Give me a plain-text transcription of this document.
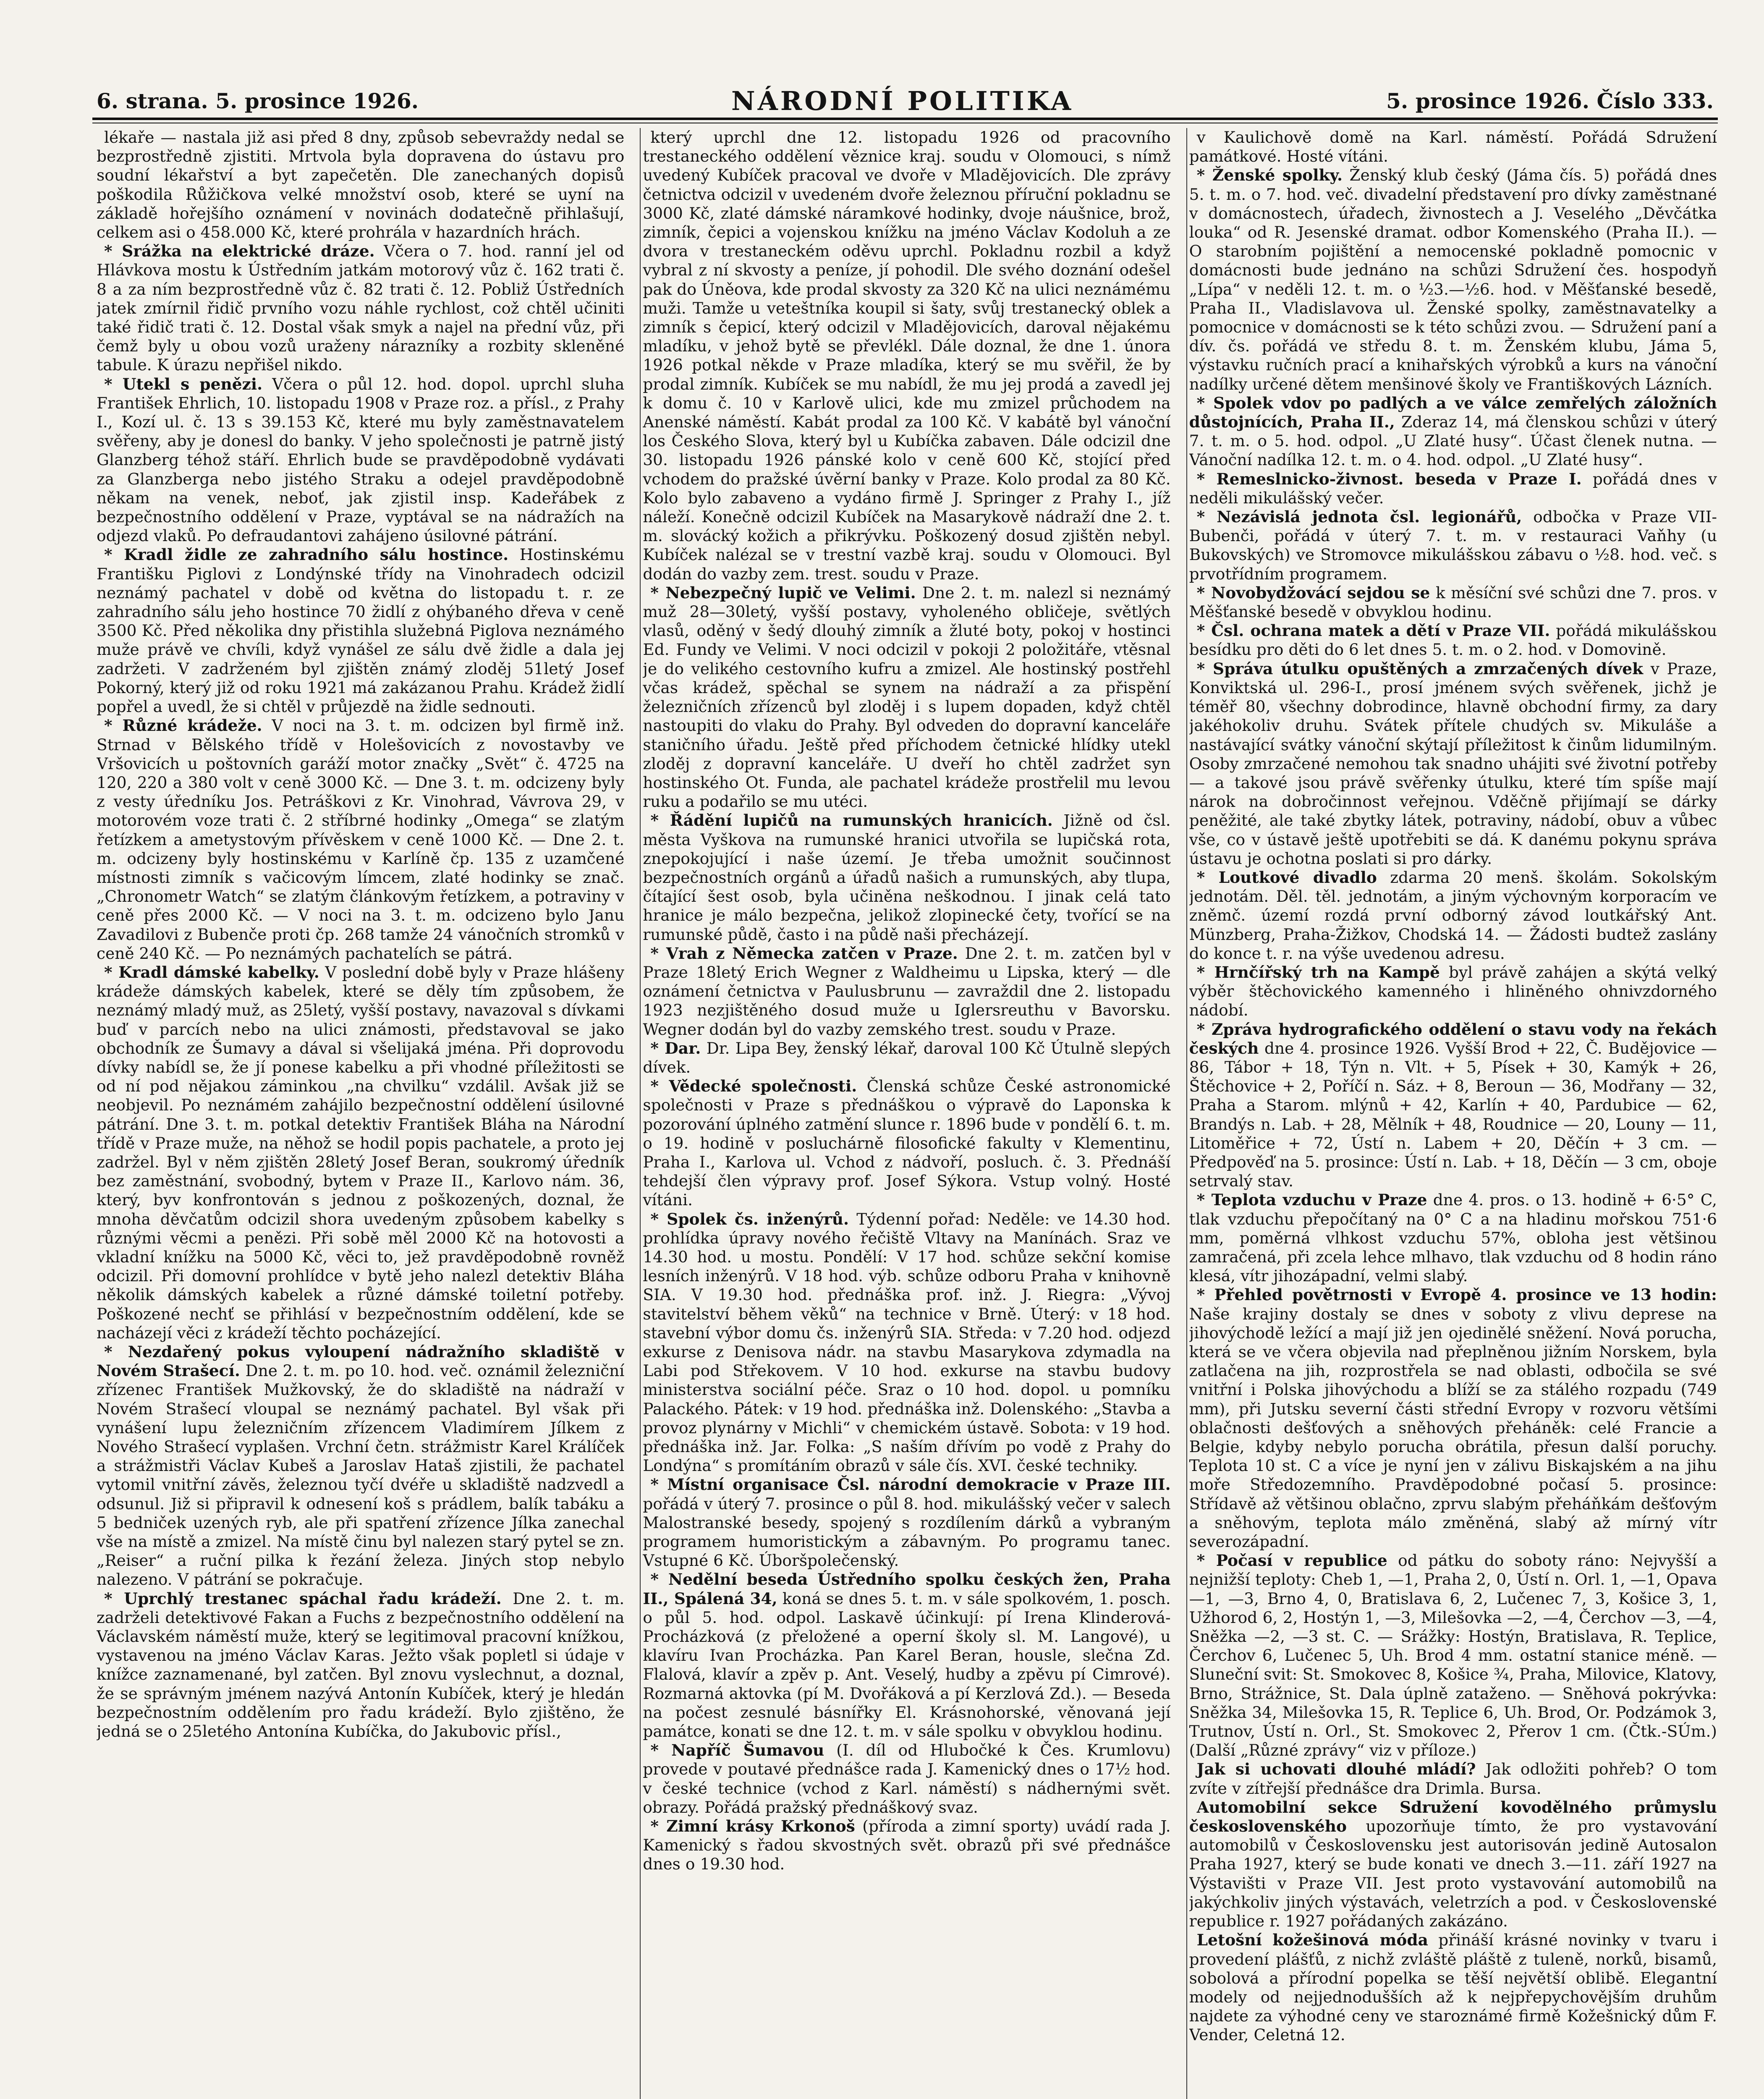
6. strana. 5. prosince 1926.	NÁRODNÍ POLITIKA	5. prosince 1926. Číslo 333.

lékaře — nastala již asi před 8 dny, způsob sebevraždy nedal se bezprostředně zjistiti. Mrtvola byla dopravena do ústavu pro soudní lékařství a byt zapečetěn. Dle zanechaných dopisů poškodila Růžičkova velké množství osob, které se uyní na základě hořejšího oznámení v novinách dodatečně přihlašují, celkem asi o 458.000 Kč, které prohrála v hazardních hrách.

* Srážka na elektrické dráze. Včera o 7. hod. ranní jel od Hlávkova mostu k Ústředním jatkám motorový vůz č. 162 trati č. 8 a za ním bezprostředně vůz č. 82 trati č. 12. Pobliž Ústředních jatek zmírnil řidič prvního vozu náhle rychlost, což chtěl učiniti také řidič trati č. 12. Dostal však smyk a najel na přední vůz, při čemž byly u obou vozů uraženy nárazníky a rozbity skleněné tabule. K úrazu nepřišel nikdo.

* Utekl s penězi. Včera o půl 12. hod. dopol. uprchl sluha František Ehrlich, 10. listopadu 1908 v Praze roz. a přísl., z Prahy I., Kozí ul. č. 13 s 39.153 Kč, které mu byly zaměstnavatelem svěřeny, aby je donesl do banky. V jeho společnosti je patrně jistý Glanzberg téhož stáří. Ehrlich bude se pravděpodobně vydávati za Glanzberga nebo jistého Straku a odejel pravděpodobně někam na venek, neboť, jak zjistil insp. Kadeřábek z bezpečnostního oddělení v Praze, vyptával se na nádražích na odjezd vlaků. Po defraudantovi zahájeno úsilovné pátrání.

* Kradl židle ze zahradního sálu hostince. Hostinskému Františku Piglovi z Londýnské třídy na Vinohradech odcizil neznámý pachatel v době od května do listopadu t. r. ze zahradního sálu jeho hostince 70 židlí z ohýbaného dřeva v ceně 3500 Kč. Před několika dny přistihla služebná Piglova neznámého muže právě ve chvíli, když vynášel ze sálu dvě židle a dala jej zadržeti. V zadrženém byl zjištěn známý zloděj 51letý Josef Pokorný, který již od roku 1921 má zakázanou Prahu. Krádež židlí popřel a uvedl, že si chtěl v průjezdě na židle sednouti.

* Různé krádeže. V noci na 3. t. m. odcizen byl firmě inž. Strnad v Bělského třídě v Holešovicích z novostavby ve Vršovicích u poštovních garáží motor značky „Svět“ č. 4725 na 120, 220 a 380 volt v ceně 3000 Kč. — Dne 3. t. m. odcizeny byly z vesty úředníku Jos. Petráškovi z Kr. Vinohrad, Vávrova 29, v motorovém voze trati č. 2 stříbrné hodinky „Omega“ se zlatým řetízkem a ametystovým přívěskem v ceně 1000 Kč. — Dne 2. t. m. odcizeny byly hostinskému v Karlíně čp. 135 z uzamčené místnosti zimník s vačicovým límcem, zlaté hodinky se znač. „Chronometr Watch“ se zlatým článkovým řetízkem, a potraviny v ceně přes 2000 Kč. — V noci na 3. t. m. odcizeno bylo Janu Zavadilovi z Bubenče proti čp. 268 tamže 24 vánočních stromků v ceně 240 Kč. — Po neznámých pachatelích se pátrá.

* Kradl dámské kabelky. V poslední době byly v Praze hlášeny krádeže dámských kabelek, které se děly tím způsobem, že neznámý mladý muž, as 25letý, vyšší postavy, navazoval s dívkami buď v parcích nebo na ulici známosti, představoval se jako obchodník ze Šumavy a dával si všelijaká jména. Při doprovodu dívky nabídl se, že jí ponese kabelku a při vhodné příležitosti se od ní pod nějakou záminkou „na chvilku“ vzdálil. Avšak již se neobjevil. Po neznámém zahájilo bezpečnostní oddělení úsilovné pátrání. Dne 3. t. m. potkal detektiv František Bláha na Národní třídě v Praze muže, na něhož se hodil popis pachatele, a proto jej zadržel. Byl v něm zjištěn 28letý Josef Beran, soukromý úředník bez zaměstnání, svobodný, bytem v Praze II., Karlovo nám. 36, který, byv konfrontován s jednou z poškozených, doznal, že mnoha děvčatům odcizil shora uvedeným způsobem kabelky s různými věcmi a penězi. Při sobě měl 2000 Kč na hotovosti a vkladní knížku na 5000 Kč, věci to, jež pravděpodobně rovněž odcizil. Při domovní prohlídce v bytě jeho nalezl detektiv Bláha několik dámských kabelek a různé dámské toiletní potřeby. Poškozené nechť se přihlásí v bezpečnostním oddělení, kde se nacházejí věci z krádeží těchto pocházející.

* Nezdařený pokus vyloupení nádražního skladiště v Novém Strašecí. Dne 2. t. m. po 10. hod. več. oznámil železniční zřízenec František Mužkovský, že do skladiště na nádraží v Novém Strašecí vloupal se neznámý pachatel. Byl však při vynášení lupu železničním zřízencem Vladimírem Jílkem z Nového Strašecí vyplašen. Vrchní četn. strážmistr Karel Králíček a strážmistři Václav Kubeš a Jaroslav Hataš zjistili, že pachatel vytomil vnitřní závěs, železnou tyčí dvéře u skladiště nadzvedl a odsunul. Již si připravil k odnesení koš s prádlem, balík tabáku a 5 bedniček uzených ryb, ale při spatření zřízence Jílka zanechal vše na místě a zmizel. Na místě činu byl nalezen starý pytel se zn. „Reiser“ a ruční pilka k řezání železa. Jiných stop nebylo nalezeno. V pátrání se pokračuje.

* Uprchlý trestanec spáchal řadu krádeží. Dne 2. t. m. zadrželi detektivové Fakan a Fuchs z bezpečnostního oddělení na Václavském náměstí muže, který se legitimoval pracovní knížkou, vystavenou na jméno Václav Karas. Ježto však popletl si údaje v knížce zaznamenané, byl zatčen. Byl znovu vyslechnut, a doznal, že se správným jménem nazývá Antonín Kubíček, který je hledán bezpečnostním oddělením pro řadu krádeží. Bylo zjištěno, že jedná se o 25letého Antonína Kubíčka, do Jakubovic přísl.,

který uprchl dne 12. listopadu 1926 od pracovního trestaneckého oddělení věznice kraj. soudu v Olomouci, s nímž uvedený Kubíček pracoval ve dvoře v Mladějovicích. Dle zprávy četnictva odcizil v uvedeném dvoře železnou příruční pokladnu se 3000 Kč, zlaté dámské náramkové hodinky, dvoje náušnice, brož, zimník, čepici a vojenskou knížku na jméno Václav Kodoluh a ze dvora v trestaneckém oděvu uprchl. Pokladnu rozbil a když vybral z ní skvosty a peníze, jí pohodil. Dle svého doznání odešel pak do Úněova, kde prodal skvosty za 320 Kč na ulici neznámému muži. Tamže u veteštníka koupil si šaty, svůj trestanecký oblek a zimník s čepicí, který odcizil v Mladějovicích, daroval nějakému mladíku, v jehož bytě se převlékl. Dále doznal, že dne 1. února 1926 potkal někde v Praze mladíka, který se mu svěřil, že by prodal zimník. Kubíček se mu nabídl, že mu jej prodá a zavedl jej k domu č. 10 v Karlově ulici, kde mu zmizel průchodem na Anenské náměstí. Kabát prodal za 100 Kč. V kabátě byl vánoční los Českého Slova, který byl u Kubíčka zabaven. Dále odcizil dne 30. listopadu 1926 pánské kolo v ceně 600 Kč, stojící před vchodem do pražské úvěrní banky v Praze. Kolo prodal za 80 Kč. Kolo bylo zabaveno a vydáno firmě J. Springer z Prahy I., jíž náleží. Konečně odcizil Kubíček na Masarykově nádraží dne 2. t. m. slovácký kožich a přikrývku. Poškozený dosud zjištěn nebyl. Kubíček nalézal se v trestní vazbě kraj. soudu v Olomouci. Byl dodán do vazby zem. trest. soudu v Praze.

* Nebezpečný lupič ve Velimi. Dne 2. t. m. nalezl si neznámý muž 28—30letý, vyšší postavy, vyholeného obličeje, světlých vlasů, oděný v šedý dlouhý zimník a žluté boty, pokoj v hostinci Ed. Fundy ve Velimi. V noci odcizil v pokoji 2 položitáře, vtěsnal je do velikého cestovního kufru a zmizel. Ale hostinský postřehl včas krádež, spěchal se synem na nádraží a za přispění železničních zřízenců byl zloděj i s lupem dopaden, když chtěl nastoupiti do vlaku do Prahy. Byl odveden do dopravní kanceláře staničního úřadu. Ještě před příchodem četnické hlídky utekl zloděj z dopravní kanceláře. U dveří ho chtěl zadržet syn hostinského Ot. Funda, ale pachatel krádeže prostřelil mu levou ruku a podařilo se mu utéci.

* Řádění lupičů na rumunských hranicích. Jižně od čsl. města Vyškova na rumunské hranici utvořila se lupičská rota, znepokojující i naše území. Je třeba umožnit součinnost bezpečnostních orgánů a úřadů našich a rumunských, aby tlupa, čítající šest osob, byla učiněna neškodnou. I jinak celá tato hranice je málo bezpečna, jelikož zlopinecké čety, tvořící se na rumunské půdě, často i na půdě naši přecházejí.

* Vrah z Německa zatčen v Praze. Dne 2. t. m. zatčen byl v Praze 18letý Erich Wegner z Waldheimu u Lipska, který — dle oznámení četnictva v Paulusbrunu — zavraždil dne 2. listopadu 1923 nezjištěného dosud muže u Iglersreuthu v Bavorsku. Wegner dodán byl do vazby zemského trest. soudu v Praze.

* Dar. Dr. Lipa Bey, ženský lékař, daroval 100 Kč Útulně slepých dívek.

* Vědecké společnosti. Členská schůze České astronomické společnosti v Praze s přednáškou o výpravě do Laponska k pozorování úplného zatmění slunce r. 1896 bude v pondělí 6. t. m. o 19. hodině v posluchárně filosofické fakulty v Klementinu, Praha I., Karlova ul. Vchod z nádvoří, posluch. č. 3. Přednáší tehdejší člen výpravy prof. Josef Sýkora. Vstup volný. Hosté vítáni.

* Spolek čs. inženýrů. Týdenní pořad: Neděle: ve 14.30 hod. prohlídka úpravy nového řečiště Vltavy na Manínách. Sraz ve 14.30 hod. u mostu. Pondělí: V 17 hod. schůze sekční komise lesních inženýrů. V 18 hod. výb. schůze odboru Praha v knihovně SIA. V 19.30 hod. přednáška prof. inž. J. Riegra: „Vývoj stavitelství během věků“ na technice v Brně. Úterý: v 18 hod. stavební výbor domu čs. inženýrů SIA. Středa: v 7.20 hod. odjezd exkurse z Denisova nádr. na stavbu Masarykova zdymadla na Labi pod Střekovem. V 10 hod. exkurse na stavbu budovy ministerstva sociální péče. Sraz o 10 hod. dopol. u pomníku Palackého. Pátek: v 19 hod. přednáška inž. Dolenského: „Stavba a provoz plynárny v Michli“ v chemickém ústavě. Sobota: v 19 hod. přednáška inž. Jar. Folka: „S naším dřívím po vodě z Prahy do Londýna“ s promítáním obrazů v sále čís. XVI. české techniky.

* Místní organisace Čsl. národní demokracie v Praze III. pořádá v úterý 7. prosince o půl 8. hod. mikulášský večer v salech Malostranské besedy, spojený s rozdílením dárků a vybraným programem humoristickým a zábavným. Po programu tanec. Vstupné 6 Kč. Úboršpolečenský.

* Nedělní beseda Ústředního spolku českých žen, Praha II., Spálená 34, koná se dnes 5. t. m. v sále spolkovém, 1. posch. o půl 5. hod. odpol. Laskavě účinkují: pí Irena Klinderová-Procházková (z přeložené a operní školy sl. M. Langové), u klavíru Ivan Procházka. Pan Karel Beran, housle, slečna Zd. Flalová, klavír a zpěv p. Ant. Veselý, hudby a zpěvu pí Cimrové). Rozmarná aktovka (pí M. Dvořáková a pí Kerzlová Zd.). — Beseda na počest zesnulé básnířky El. Krásnohorské, věnovaná její památce, konati se dne 12. t. m. v sále spolku v obvyklou hodinu.

* Napříč Šumavou (I. díl od Hlubočké k Čes. Krumlovu) provede v poutavé přednášce rada J. Kamenický dnes o 17½ hod. v české technice (vchod z Karl. náměstí) s nádhernými svět. obrazy. Pořádá pražský přednáškový svaz.

* Zimní krásy Krkonoš (příroda a zimní sporty) uvádí rada J. Kamenický s řadou skvostných svět. obrazů při své přednášce dnes o 19.30 hod.

v Kaulichově domě na Karl. náměstí. Pořádá Sdružení památkové. Hosté vítáni.

* Ženské spolky. Ženský klub český (Jáma čís. 5) pořádá dnes 5. t. m. o 7. hod. več. divadelní představení pro dívky zaměstnané v domácnostech, úřadech, živnostech a J. Veselého „Děvčátka louka“ od R. Jesenské dramat. odbor Komenského (Praha II.). — O starobním pojištění a nemocenské pokladně pomocnic v domácnosti bude jednáno na schůzi Sdružení čes. hospodyň „Lípa“ v neděli 12. t. m. o ½3.—½6. hod. v Měšťanské besedě, Praha II., Vladislavova ul. Ženské spolky, zaměstnavatelky a pomocnice v domácnosti se k této schůzi zvou. — Sdružení paní a dív. čs. pořádá ve středu 8. t. m. Ženském klubu, Jáma 5, výstavku ručních prací a knihařských výrobků a kurs na vánoční nadílky určené dětem menšinové školy ve Františkových Lázních.

* Spolek vdov po padlých a ve válce zemřelých záložních důstojnících, Praha II., Zderaz 14, má členskou schůzi v úterý 7. t. m. o 5. hod. odpol. „U Zlaté husy“. Účast členek nutna. — Vánoční nadílka 12. t. m. o 4. hod. odpol. „U Zlaté husy“.

* Remeslnicko-živnost. beseda v Praze I. pořádá dnes v neděli mikulášský večer.

* Nezávislá jednota čsl. legionářů, odbočka v Praze VII-Bubenči, pořádá v úterý 7. t. m. v restauraci Vaňhy (u Bukovských) ve Stromovce mikulášskou zábavu o ½8. hod. več. s prvotřídním programem.

* Novobydžovácí sejdou se k měsíční své schůzi dne 7. pros. v Měšťanské besedě v obvyklou hodinu.

* Čsl. ochrana matek a dětí v Praze VII. pořádá mikulášskou besídku pro děti do 6 let dnes 5. t. m. o 2. hod. v Domovině.

* Správa útulku opuštěných a zmrzačených dívek v Praze, Konviktská ul. 296-I., prosí jménem svých svěřenek, jichž je téměř 80, všechny dobrodince, hlavně obchodní firmy, za dary jakéhokoliv druhu. Svátek přítele chudých sv. Mikuláše a nastávající svátky vánoční skýtají příležitost k činům lidumilným. Osoby zmrzačené nemohou tak snadno uhájiti své životní potřeby — a takové jsou právě svěřenky útulku, které tím spíše mají nárok na dobročinnost veřejnou. Vděčně přijímají se dárky peněžité, ale také zbytky látek, potraviny, nádobí, obuv a vůbec vše, co v ústavě ještě upotřebiti se dá. K danému pokynu správa ústavu je ochotna poslati si pro dárky.

* Loutkové divadlo zdarma 20 menš. školám. Sokolským jednotám. Děl. těl. jednotám, a jiným výchovným korporacím ve zněmč. území rozdá první odborný závod loutkářský Ant. Münzberg, Praha-Žižkov, Chodská 14. — Žádosti budtež zaslány do konce t. r. na výše uvedenou adresu.

* Hrnčířský trh na Kampě byl právě zahájen a skýtá velký výběr štěchovického kamenného i hliněného ohnivzdorného nádobí.

* Zpráva hydrografického oddělení o stavu vody na řekách českých dne 4. prosince 1926. Vyšší Brod + 22, Č. Budějovice — 86, Tábor + 18, Týn n. Vlt. + 5, Písek + 30, Kamýk + 26, Štěchovice + 2, Poříčí n. Sáz. + 8, Beroun — 36, Modřany — 32, Praha a Starom. mlýnů + 42, Karlín + 40, Pardubice — 62, Brandýs n. Lab. + 28, Mělník + 48, Roudnice — 20, Louny — 11, Litoměřice + 72, Ústí n. Labem + 20, Děčín + 3 cm. — Předpověď na 5. prosince: Ústí n. Lab. + 18, Děčín — 3 cm, oboje setrvalý stav.

* Teplota vzduchu v Praze dne 4. pros. o 13. hodině + 6·5° C, tlak vzduchu přepočítaný na 0° C a na hladinu mořskou 751·6 mm, poměrná vlhkost vzduchu 57%, obloha jest většinou zamračená, při zcela lehce mlhavo, tlak vzduchu od 8 hodin ráno klesá, vítr jihozápadní, velmi slabý.

* Přehled povětrnosti v Evropě 4. prosince ve 13 hodin: Naše krajiny dostaly se dnes v soboty z vlivu deprese na jihovýchodě ležící a mají již jen ojedinělé sněžení. Nová porucha, která se ve včera objevila nad přeplněnou jižním Norskem, byla zatlačena na jih, rozprostřela se nad oblasti, odbočila se své vnitřní i Polska jihovýchodu a blíží se za stálého rozpadu (749 mm), při Jutsku severní části střední Evropy v rozvoru většími oblačnosti dešťových a sněhových přeháněk: celé Francie a Belgie, kdyby nebylo porucha obrátila, přesun další poruchy. Teplota 10 st. C a více je nyní jen v zálivu Biskajském a na jihu moře Středozemního. Pravděpodobné počasí 5. prosince: Střídavě až většinou oblačno, zprvu slabým přeháňkám dešťovým a sněhovým, teplota málo změněná, slabý až mírný vítr severozápadní.

* Počasí v republice od pátku do soboty ráno: Nejvyšší a nejnižší teploty: Cheb 1, —1, Praha 2, 0, Ústí n. Orl. 1, —1, Opava —1, —3, Brno 4, 0, Bratislava 6, 2, Lučenec 7, 3, Košice 3, 1, Užhorod 6, 2, Hostýn 1, —3, Milešovka —2, —4, Čerchov —3, —4, Sněžka —2, —3 st. C. — Srážky: Hostýn, Bratislava, R. Teplice, Čerchov 6, Lučenec 5, Uh. Brod 4 mm. ostatní stanice méně. — Sluneční svit: St. Smokovec 8, Košice ¾, Praha, Milovice, Klatovy, Brno, Strážnice, St. Dala úplně zataženo. — Sněhová pokrývka: Sněžka 34, Milešovka 15, R. Teplice 6, Uh. Brod, Or. Podzámok 3, Trutnov, Ústí n. Orl., St. Smokovec 2, Přerov 1 cm. (Čtk.-SÚm.) (Další „Různé zprávy“ viz v příloze.)

Jak si uchovati dlouhé mládí? Jak odložiti pohřeb? O tom zvíte v zítřejší přednášce dra Drimla. Bursa.

Automobilní sekce Sdružení kovodělného průmyslu československého upozorňuje tímto, že pro vystavování automobilů v Československu jest autorisován jedině Autosalon Praha 1927, který se bude konati ve dnech 3.—11. září 1927 na Výstavišti v Praze VII. Jest proto vystavování automobilů na jakýchkoliv jiných výstavách, veletrzích a pod. v Československé republice r. 1927 pořádaných zakázáno.

Letošní kožešinová móda přináší krásné novinky v tvaru i provedení plášťů, z nichž zvláště pláště z tuleně, norků, bisamů, sobolová a přírodní popelka se těší největší oblibě. Elegantní modely od nejjednodušších až k nejpřepychovějším druhům najdete za výhodné ceny ve staroznámé firmě Kožešnický dům F. Vender, Celetná 12.
